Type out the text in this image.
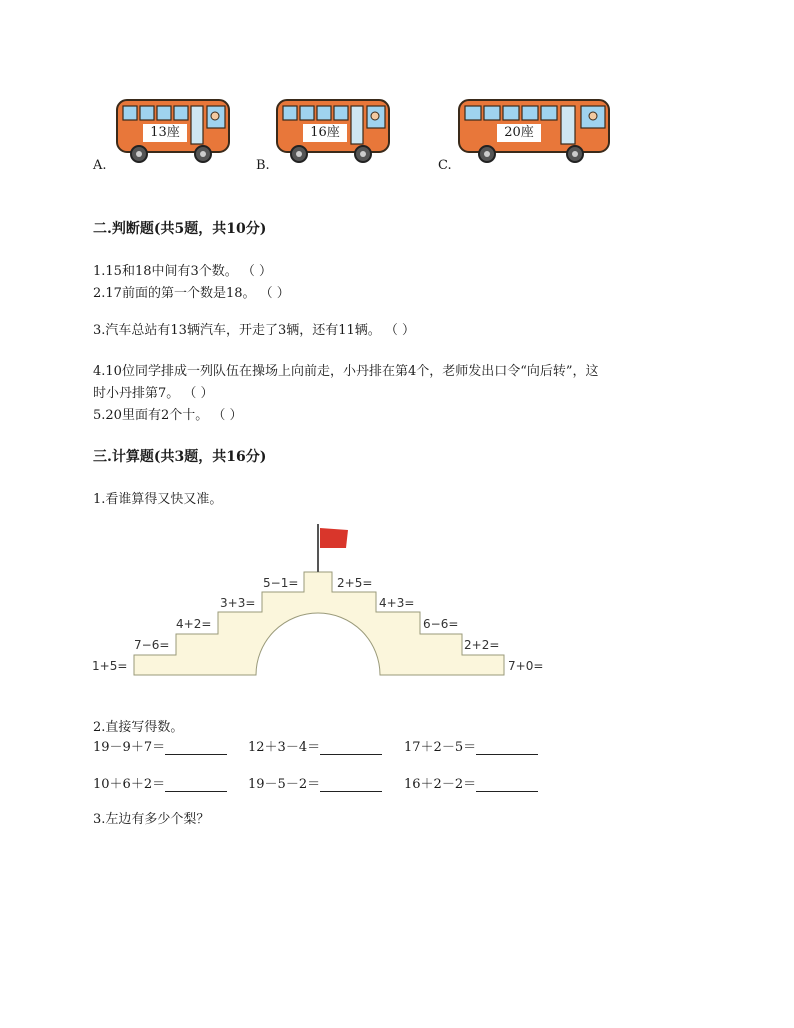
13座
A.
16座
B.
20座
C.
二.判断题(共5题，共10分)
1.15和18中间有3个数。 （ ）
2.17前面的第一个数是18。 （ ）
3.汽车总站有13辆汽车，开走了3辆，还有11辆。 （ ）
4.10位同学排成一列队伍在操场上向前走，小丹排在第4个，老师发出口令“向后转”，这
时小丹排第7。 （ ）
5.20里面有2个十。 （ ）
三.计算题(共3题，共16分)
1.看谁算得又快又准。
1+5=
7−6=
4+2=
3+3=
5−1=	2+5=
4+3=
6−6=
2+2=
7+0=
2.直接写得数。
19－9＋7＝	12＋3－4＝	17＋2－5＝
10＋6＋2＝	19－5－2＝	16＋2－2＝
3.左边有多少个梨？
